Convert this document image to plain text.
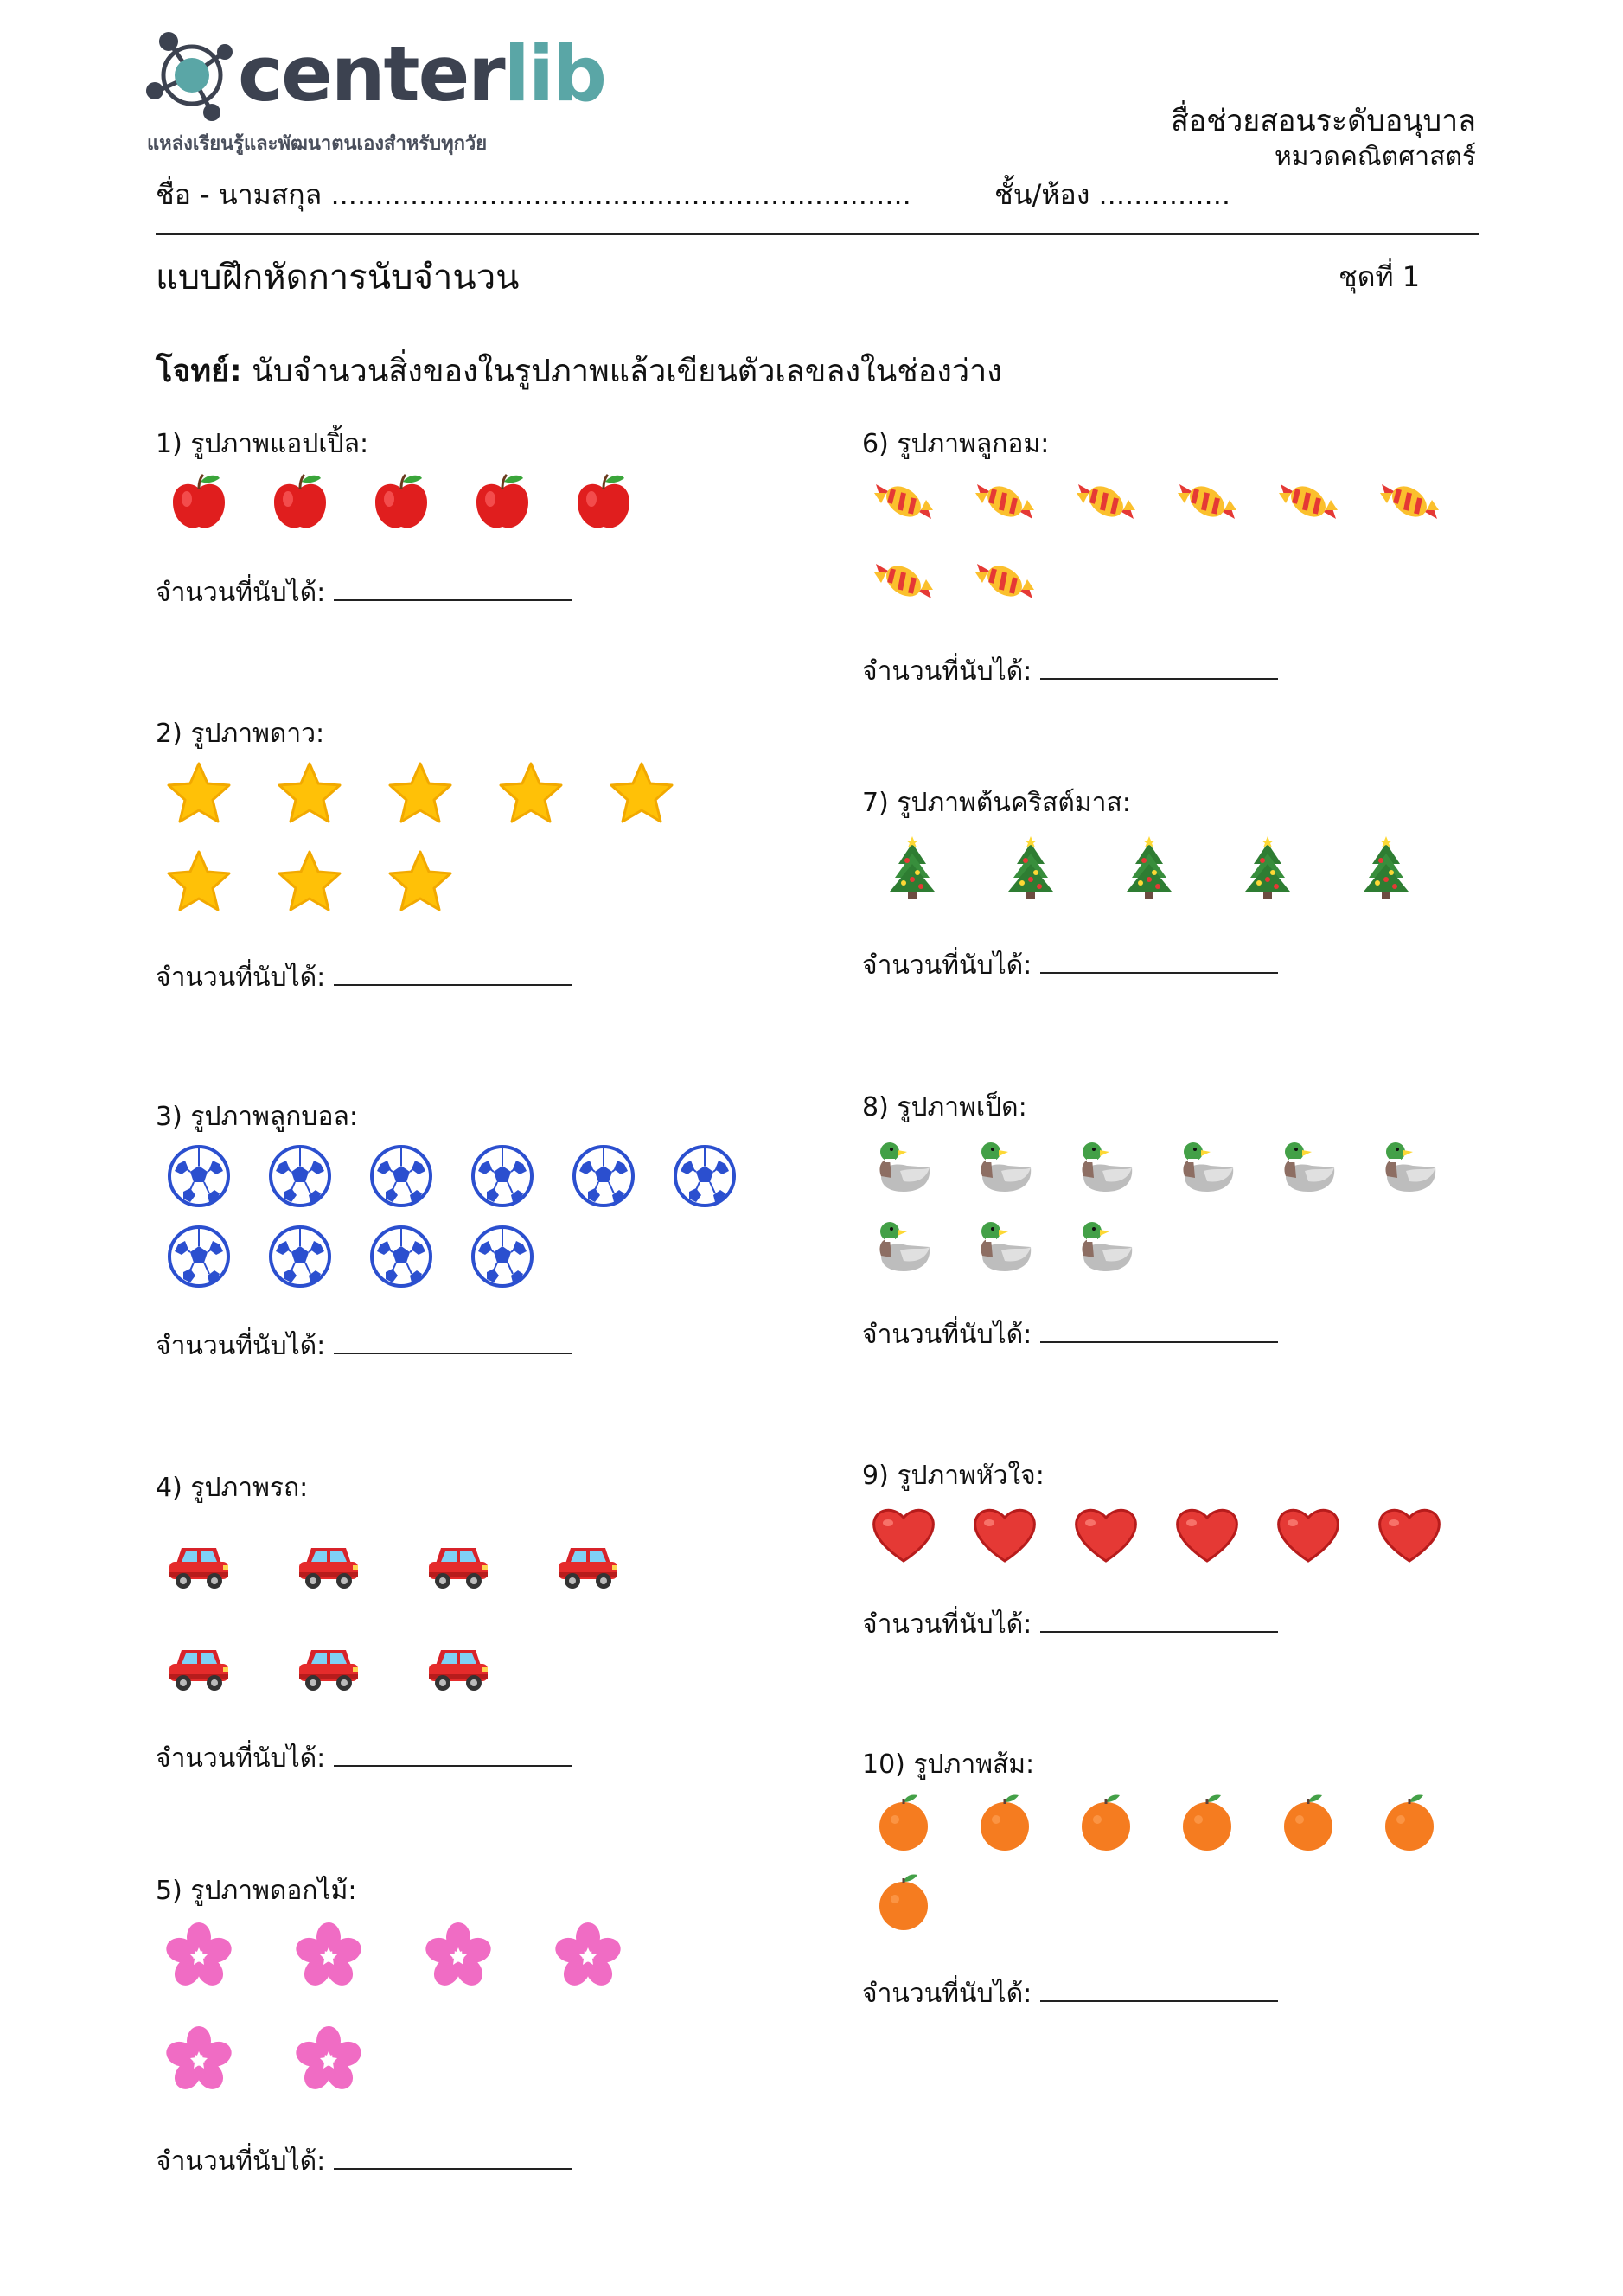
centerlib
แหล่งเรียนรู้และพัฒนาตนเองสำหรับทุกวัย
สื่อช่วยสอนระดับอนุบาล
หมวดคณิตศาสตร์
ชื่อ - นามสกุล ..................................................................	ชั้น/ห้อง ...............
แบบฝึกหัดการนับจำนวน	ชุดที่ 1
โจทย์: นับจำนวนสิ่งของในรูปภาพแล้วเขียนตัวเลขลงในช่องว่าง
1) รูปภาพแอปเปิ้ล:
จำนวนที่นับได้:
2) รูปภาพดาว:
จำนวนที่นับได้:
3) รูปภาพลูกบอล:
จำนวนที่นับได้:
4) รูปภาพรถ:
จำนวนที่นับได้:
5) รูปภาพดอกไม้:
จำนวนที่นับได้:
6) รูปภาพลูกอม:
จำนวนที่นับได้:
7) รูปภาพต้นคริสต์มาส:
จำนวนที่นับได้:
8) รูปภาพเป็ด:
จำนวนที่นับได้:
9) รูปภาพหัวใจ:
จำนวนที่นับได้:
10) รูปภาพส้ม:
จำนวนที่นับได้:
